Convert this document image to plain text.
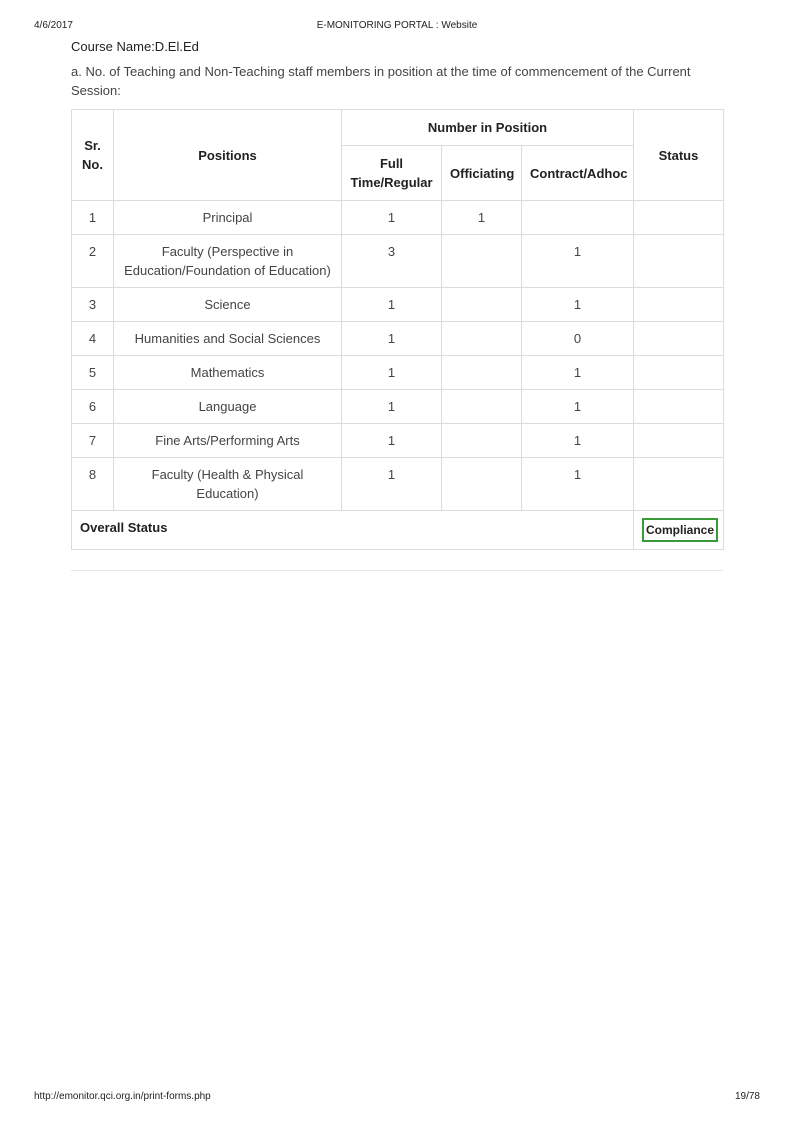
4/6/2017	E-MONITORING PORTAL : Website
Course Name:D.El.Ed
a. No. of Teaching and Non-Teaching staff members in position at the time of commencement of the Current Session:
Sr. No.	Positions	Number in Position			Status
		Full Time/Regular	Officiating	Contract/Adhoc	
1	Principal	1	1		
2	Faculty (Perspective in Education/Foundation of Education)	3		1	
3	Science	1		1	
4	Humanities and Social Sciences	1		0	
5	Mathematics	1		1	
6	Language	1		1	
7	Fine Arts/Performing Arts	1		1	
8	Faculty (Health & Physical Education)	1		1	
Overall Status					Compliance
http://emonitor.qci.org.in/print-forms.php	19/78
